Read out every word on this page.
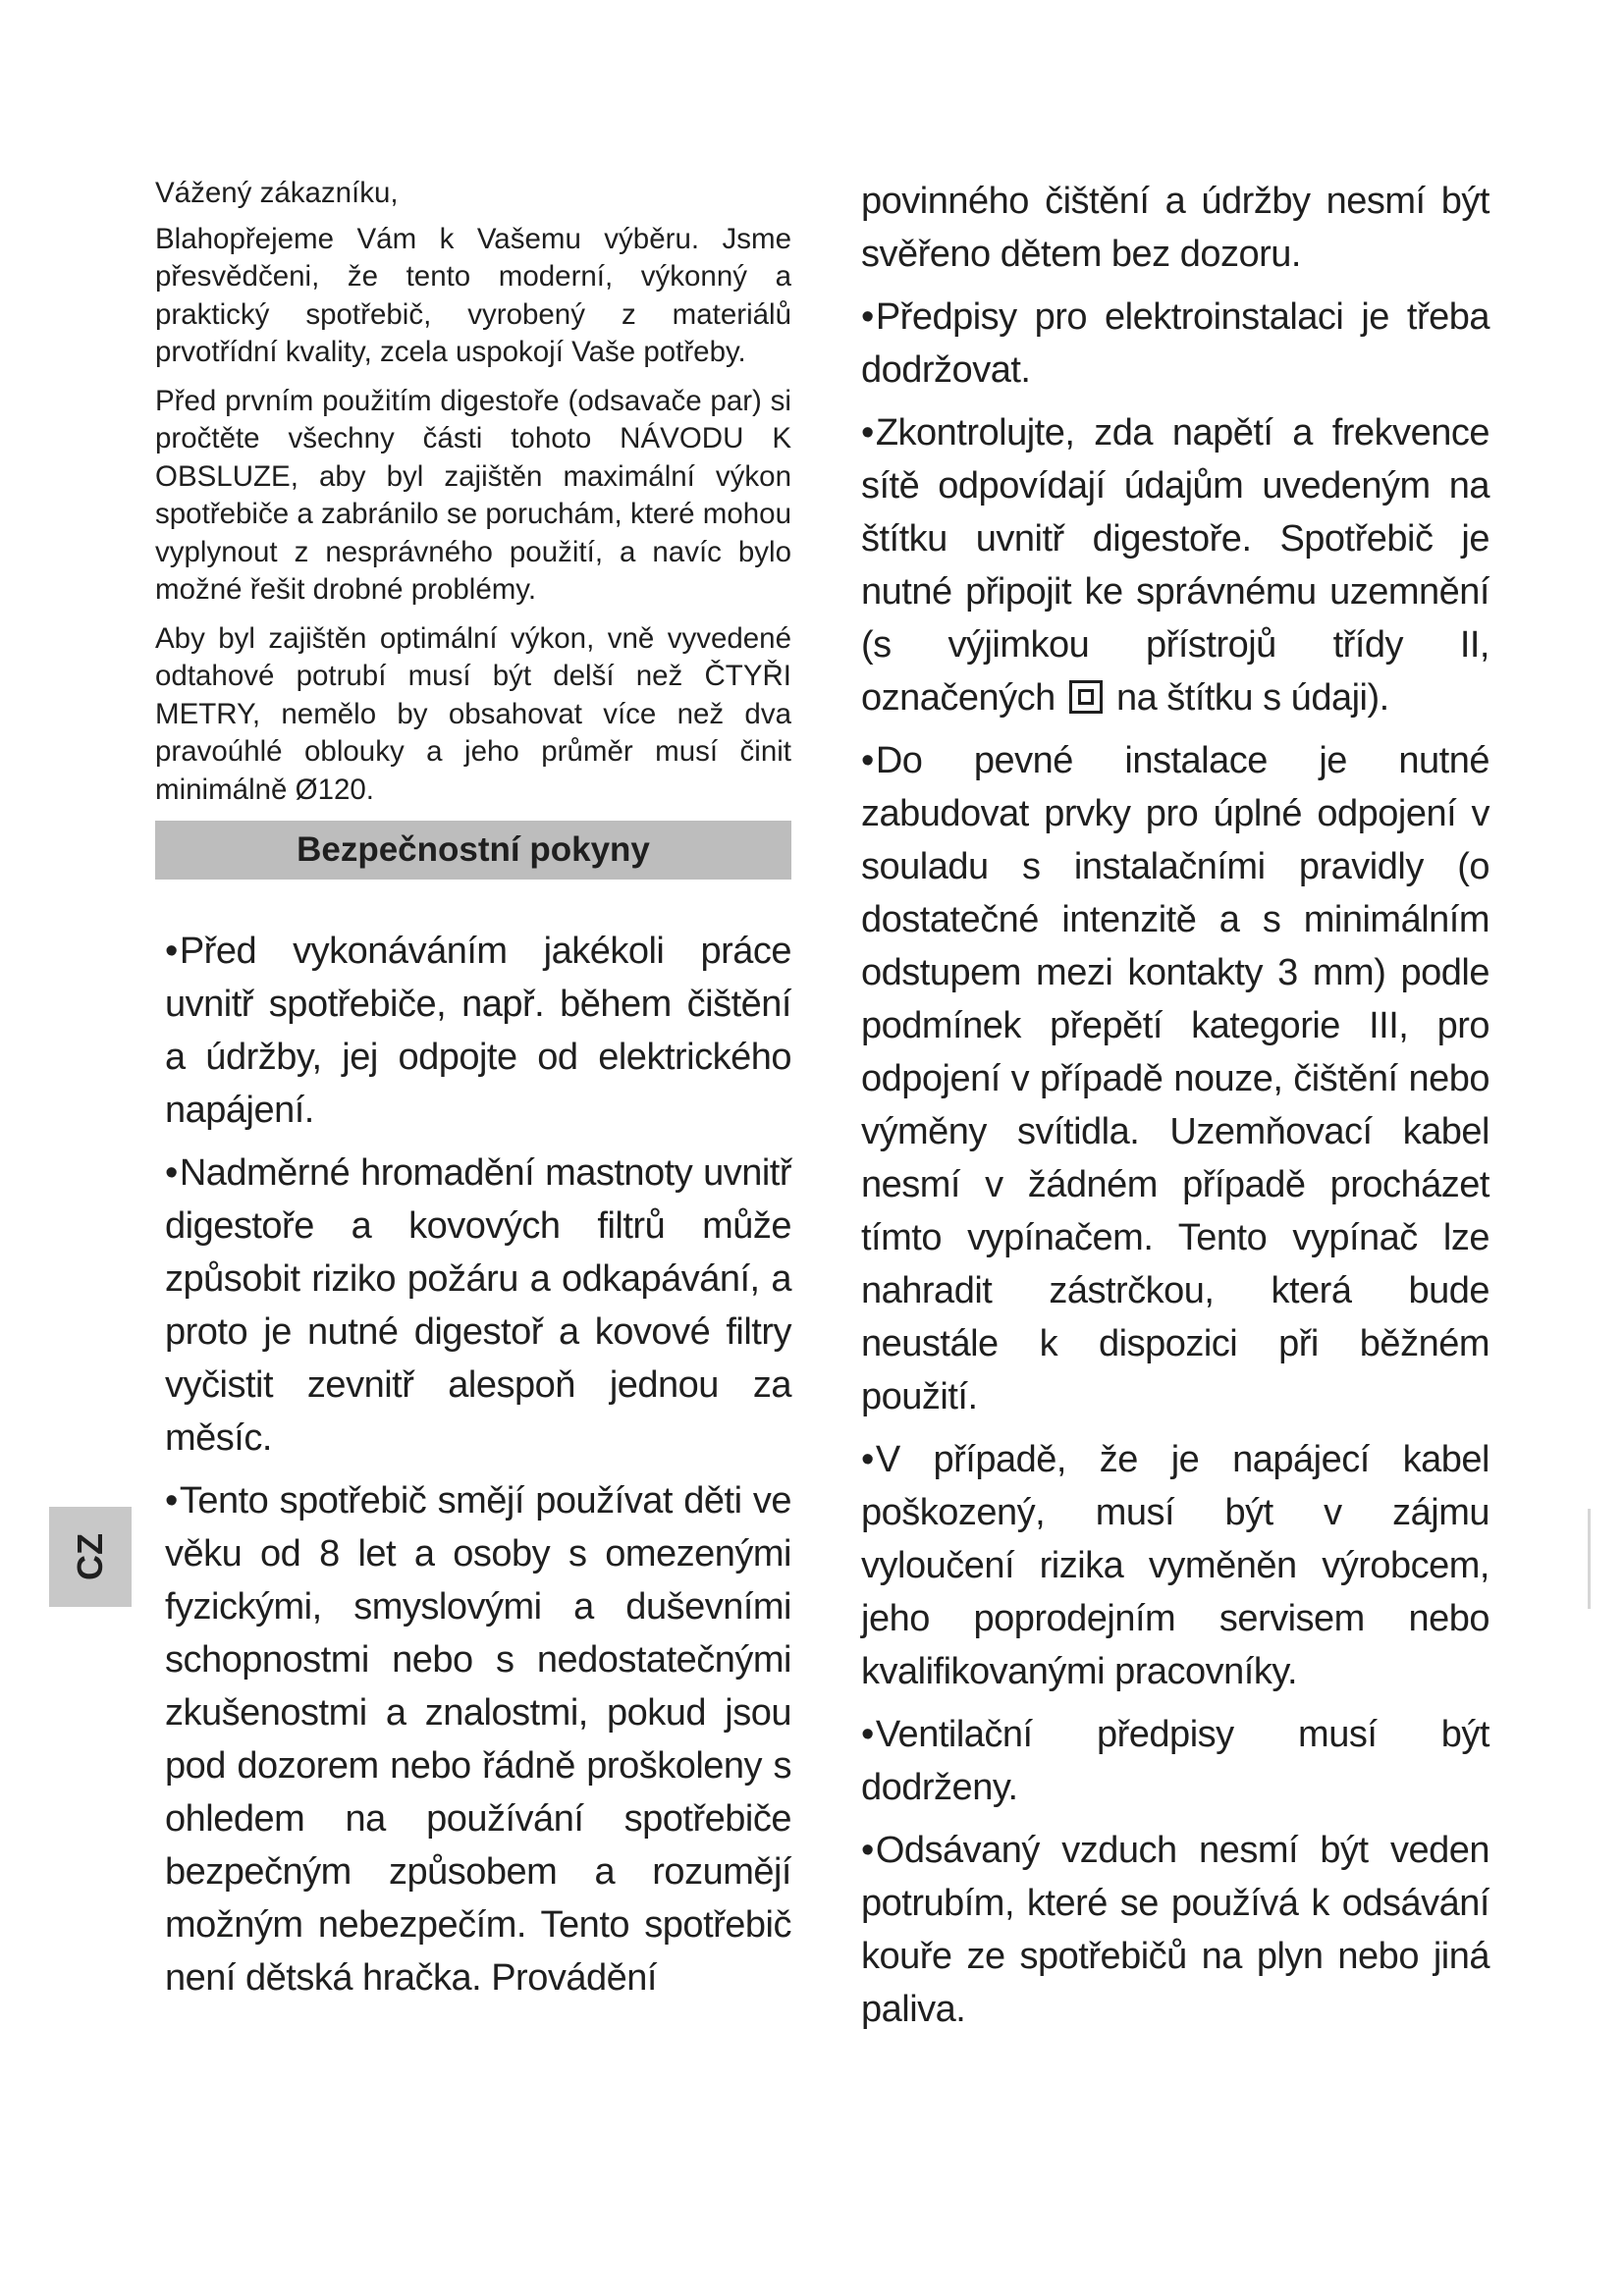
Vážený zákazníku,

Blahopřejeme Vám k Vašemu výběru. Jsme přesvědčeni, že tento moderní, výkonný a praktický spotřebič, vyrobený z materiálů prvotřídní kvality, zcela uspokojí Vaše potřeby.

Před prvním použitím digestoře (odsavače par) si pročtěte všechny části tohoto NÁVODU K OBSLUZE, aby byl zajištěn maximální výkon spotřebiče a zabránilo se poruchám, které mohou vyplynout z nesprávného použití, a navíc bylo možné řešit drobné problémy.

Aby byl zajištěn optimální výkon, vně vyvedené odtahové potrubí musí být delší než ČTYŘI METRY, nemělo by obsahovat více než dva pravoúhlé oblouky a jeho průměr musí činit minimálně Ø120.

Bezpečnostní pokyny

•Před vykonáváním jakékoli práce uvnitř spotřebiče, např. během čištění a údržby, jej odpojte od elektrického napájení.

•Nadměrné hromadění mastnoty uvnitř digestoře a kovových filtrů může způsobit riziko požáru a odkapávání, a proto je nutné digestoř a kovové filtry vyčistit zevnitř alespoň jednou za měsíc.

•Tento spotřebič smějí používat děti ve věku od 8 let a osoby s omezenými fyzickými, smyslovými a duševními schopnostmi nebo s nedostatečnými zkušenostmi a znalostmi, pokud jsou pod dozorem nebo řádně proškoleny s ohledem na používání spotřebiče bezpečným způsobem a rozumějí možným nebezpečím. Tento spotřebič není dětská hračka. Provádění

povinného čištění a údržby nesmí být svěřeno dětem bez dozoru.

•Předpisy pro elektroinstalaci je třeba dodržovat.

•Zkontrolujte, zda napětí a frekvence sítě odpovídají údajům uvedeným na štítku uvnitř digestoře. Spotřebič je nutné připojit ke správnému uzemnění (s výjimkou přístrojů třídy II, označených na štítku s údaji).

•Do pevné instalace je nutné zabudovat prvky pro úplné odpojení v souladu s instalačními pravidly (o dostatečné intenzitě a s minimálním odstupem mezi kontakty 3 mm) podle podmínek přepětí kategorie III, pro odpojení v případě nouze, čištění nebo výměny svítidla. Uzemňovací kabel nesmí v žádném případě procházet tímto vypínačem. Tento vypínač lze nahradit zástrčkou, která bude neustále k dispozici při běžném použití.

•V případě, že je napájecí kabel poškozený, musí být v zájmu vyloučení rizika vyměněn výrobcem, jeho poprodejním servisem nebo kvalifikovanými pracovníky.

•Ventilační předpisy musí být dodrženy.

•Odsávaný vzduch nesmí být veden potrubím, které se používá k odsávání kouře ze spotřebičů na plyn nebo jiná paliva.

CZ
